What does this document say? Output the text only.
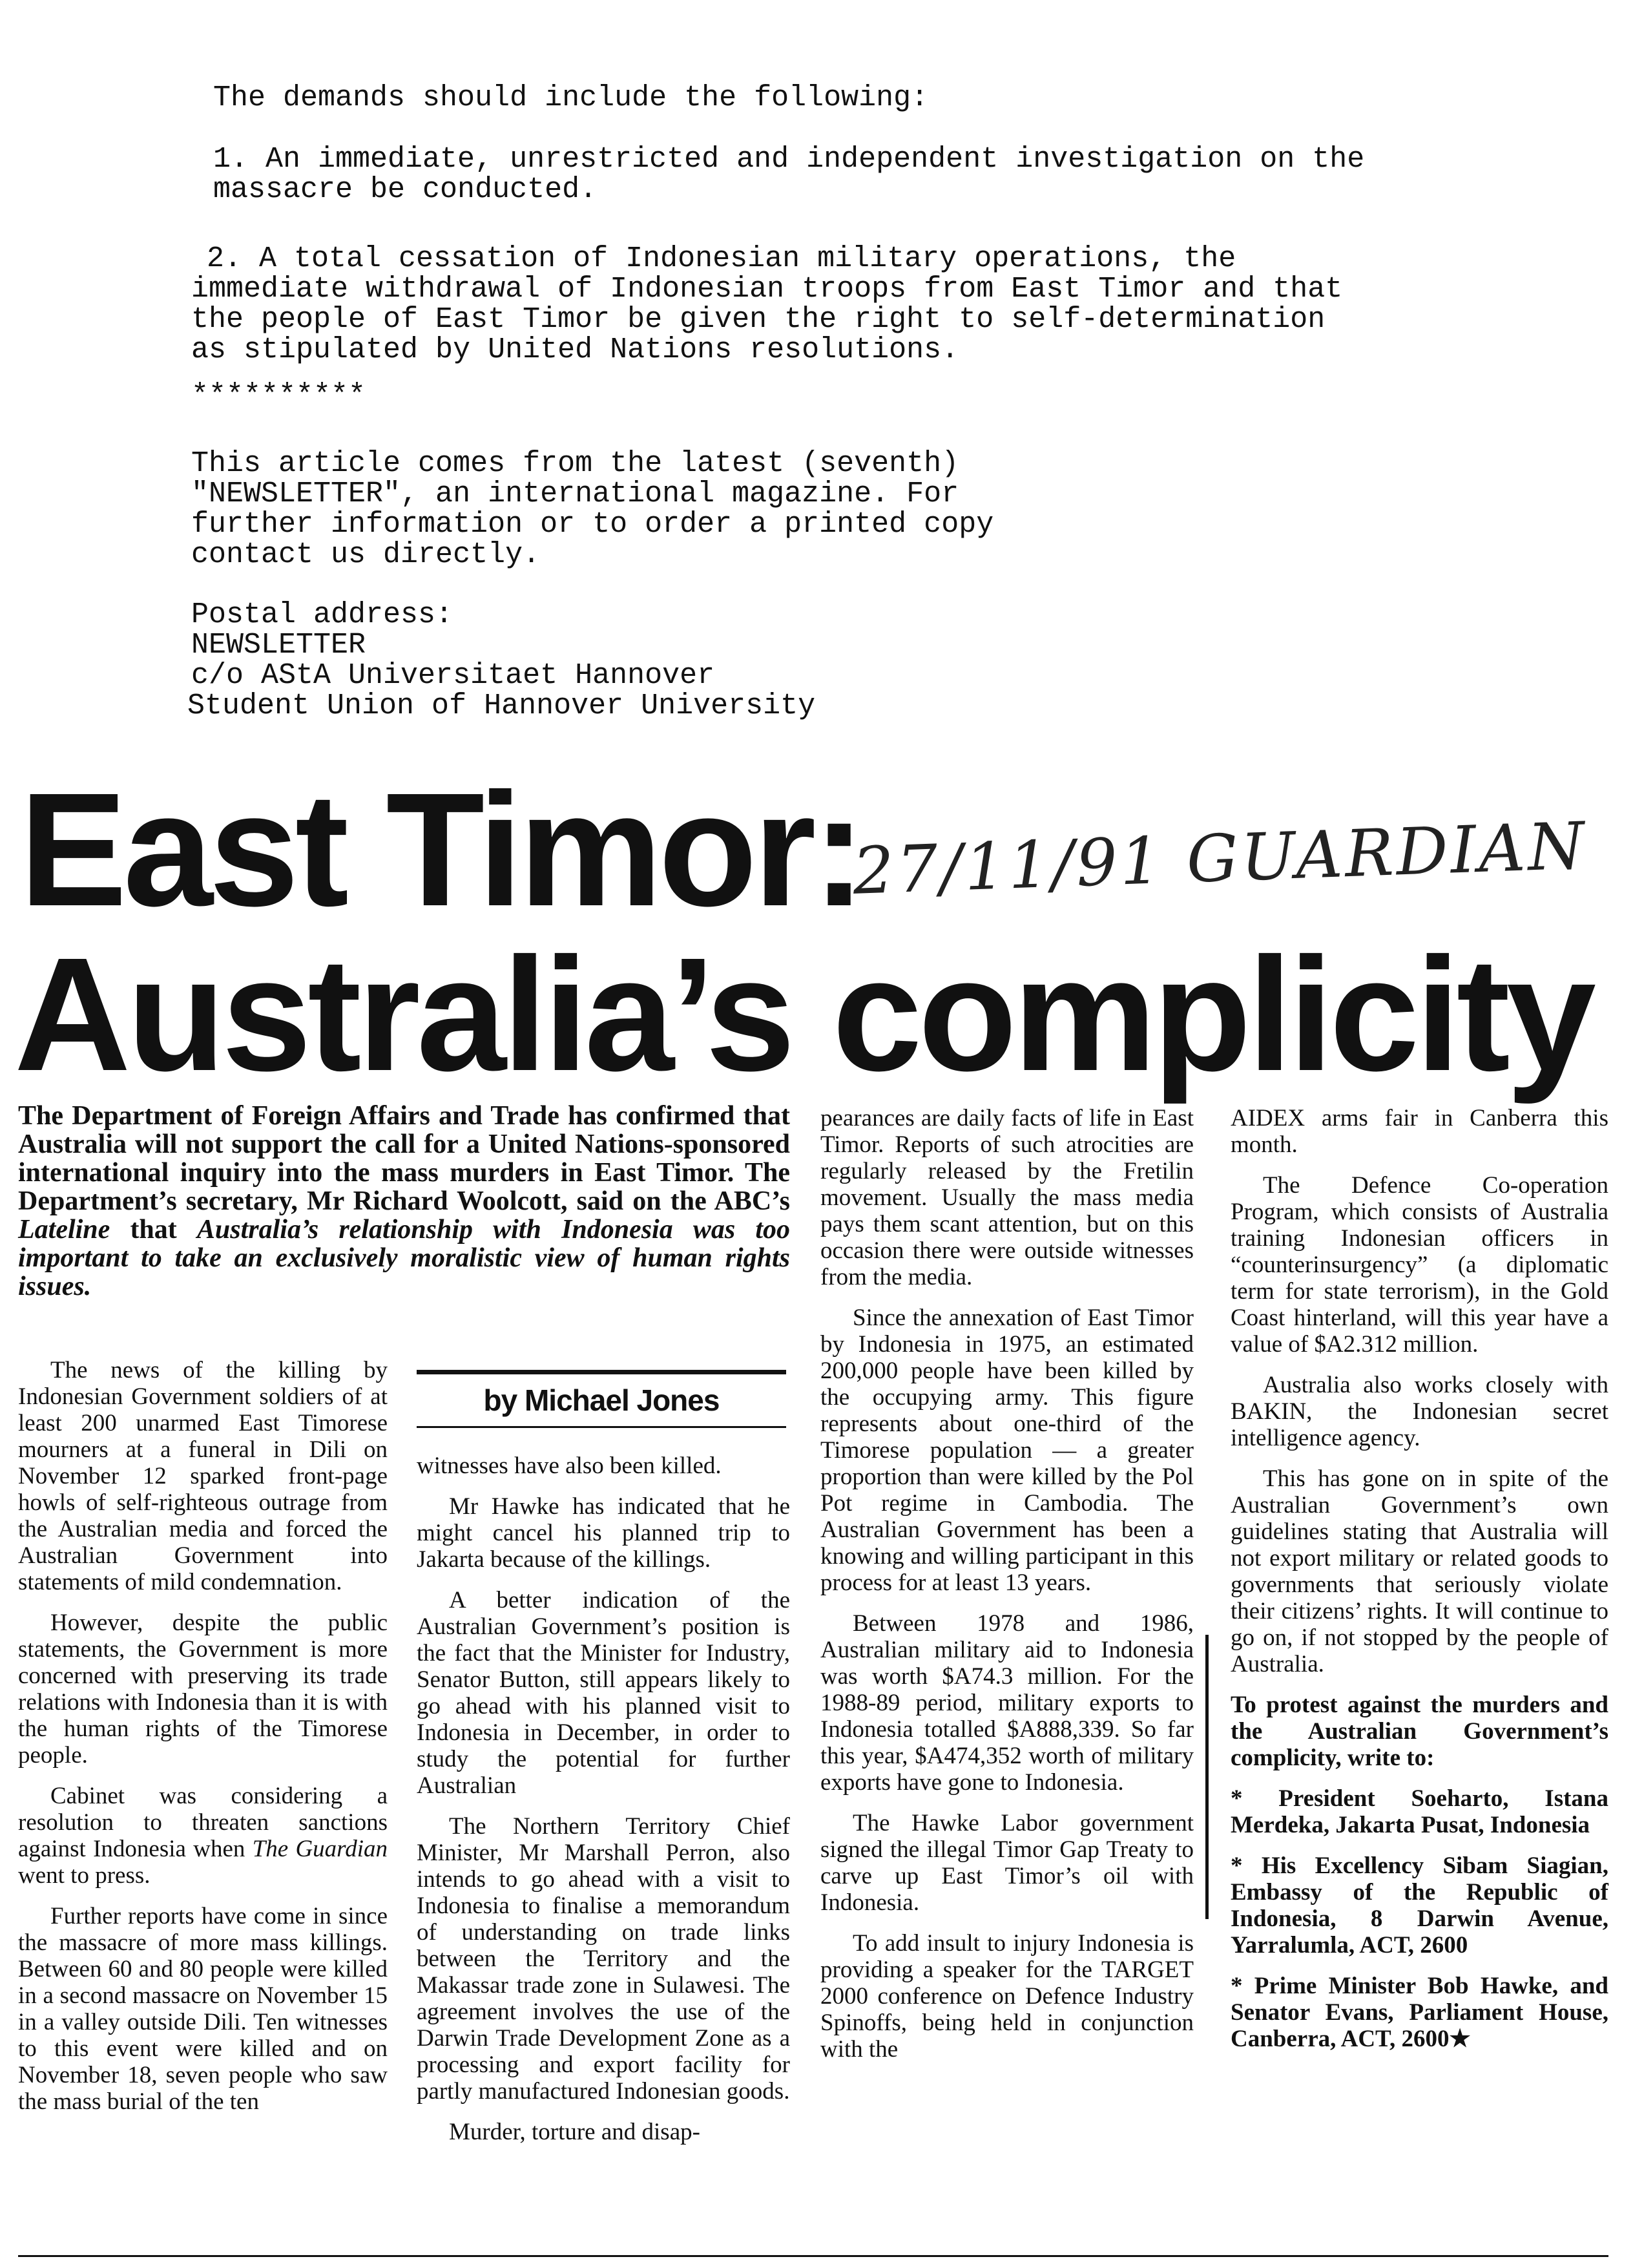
The demands should include the following:

1. An immediate, unrestricted and independent investigation on the

massacre be conducted.

2. A total cessation of Indonesian military operations, the

immediate withdrawal of Indonesian troops from East Timor and that

the people of East Timor be given the right to self-determination

as stipulated by United Nations resolutions.

**********

This article comes from the latest (seventh)

"NEWSLETTER", an international magazine. For

further information or to order a printed copy

contact us directly.

Postal address:

NEWSLETTER

c/o AStA Universitaet Hannover

Student Union of Hannover University

East Timor:
27/11/91 GUARDIAN
Australia’s complicity
The Department of Foreign Affairs and Trade has confirmed that Australia will not support the call for a United Nations-sponsored international inquiry into the mass murders in East Timor. The Department’s secretary, Mr Richard Woolcott, said on the ABC’s Lateline that Australia’s relationship with Indonesia was too important to take an exclusively moralistic view of human rights issues.

The news of the killing by Indonesian Government soldiers of at least 200 unarmed East Timorese mourners at a funeral in Dili on November 12 sparked front-page howls of self-righteous outrage from the Australian media and forced the Australian Government into statements of mild condemnation.

However, despite the public statements, the Government is more concerned with preserving its trade relations with Indonesia than it is with the human rights of the Timorese people.

Cabinet was considering a resolution to threaten sanctions against Indonesia when The Guardian went to press.

Further reports have come in since the massacre of more mass killings. Between 60 and 80 people were killed in a second massacre on November 15 in a valley outside Dili. Ten witnesses to this event were killed and on November 18, seven people who saw the mass burial of the ten

by Michael Jones

witnesses have also been killed.

Mr Hawke has indicated that he might cancel his planned trip to Jakarta because of the killings.

A better indication of the Australian Government’s position is the fact that the Minister for Industry, Senator Button, still appears likely to go ahead with his planned visit to Indonesia in December, in order to study the potential for further Australian

The Northern Territory Chief Minister, Mr Marshall Perron, also intends to go ahead with a visit to Indonesia to finalise a memorandum of understanding on trade links between the Territory and the Makassar trade zone in Sulawesi. The agreement involves the use of the Darwin Trade Development Zone as a processing and export facility for partly manufactured Indonesian goods.

Murder, torture and disap-

pearances are daily facts of life in East Timor. Reports of such atrocities are regularly released by the Fretilin movement. Usually the mass media pays them scant attention, but on this occasion there were outside witnesses from the media.

Since the annexation of East Timor by Indonesia in 1975, an estimated 200,000 people have been killed by the occupying army. This figure represents about one-third of the Timorese population — a greater proportion than were killed by the Pol Pot regime in Cambodia. The Australian Government has been a knowing and willing participant in this process for at least 13 years.

Between 1978 and 1986, Australian military aid to Indonesia was worth $A74.3 million. For the 1988-89 period, military exports to Indonesia totalled $A888,339. So far this year, $A474,352 worth of military exports have gone to Indonesia.

The Hawke Labor government signed the illegal Timor Gap Treaty to carve up East Timor’s oil with Indonesia.

To add insult to injury Indonesia is providing a speaker for the TARGET 2000 conference on Defence Industry Spinoffs, being held in conjunction with the

AIDEX arms fair in Canberra this month.

The Defence Co-operation Program, which consists of Australia training Indonesian officers in “counterinsurgency” (a diplomatic term for state terrorism), in the Gold Coast hinterland, will this year have a value of $A2.312 million.

Australia also works closely with BAKIN, the Indonesian secret intelligence agency.

This has gone on in spite of the Australian Government’s own guidelines stating that Australia will not export military or related goods to governments that seriously violate their citizens’ rights. It will continue to go on, if not stopped by the people of Australia.

To protest against the murders and the Australian Government’s complicity, write to:

* President Soeharto, Istana Merdeka, Jakarta Pusat, Indonesia

* His Excellency Sibam Siagian, Embassy of the Republic of Indonesia, 8 Darwin Avenue, Yarralumla, ACT, 2600

* Prime Minister Bob Hawke, and Senator Evans, Parliament House, Canberra, ACT, 2600★
